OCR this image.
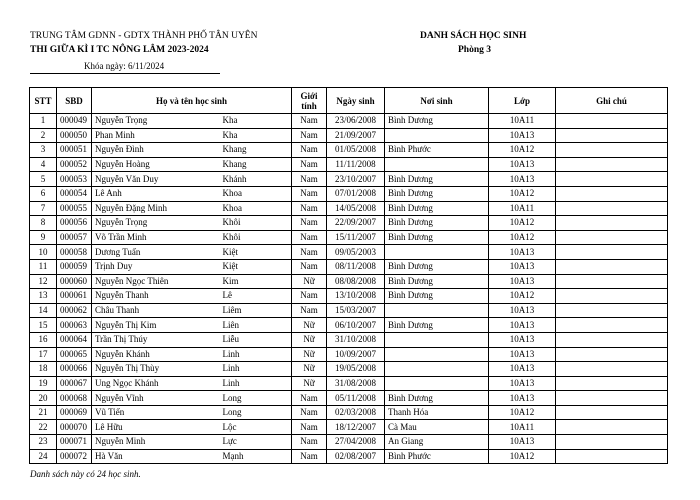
TRUNG TÂM GDNN - GDTX THÀNH PHỐ TÂN UYÊN
THI GIỮA KÌ I TC NÔNG LÂM 2023-2024
Khóa ngày: 6/11/2024
DANH SÁCH HỌC SINH
Phòng 3
STT	SBD	Họ và tên học sinh		Giới tính	Ngày sinh	Nơi sinh	Lớp	Ghi chú
1	000049	Nguyễn Trọng	Kha	Nam	23/06/2008	Bình Dương	10A11	
2	000050	Phan Minh	Kha	Nam	21/09/2007		10A13	
3	000051	Nguyễn Đình	Khang	Nam	01/05/2008	Bình Phước	10A12	
4	000052	Nguyễn Hoàng	Khang	Nam	11/11/2008		10A13	
5	000053	Nguyễn Văn Duy	Khánh	Nam	23/10/2007	Bình Dương	10A13	
6	000054	Lê Anh	Khoa	Nam	07/01/2008	Bình Dương	10A12	
7	000055	Nguyễn Đặng Minh	Khoa	Nam	14/05/2008	Bình Dương	10A11	
8	000056	Nguyễn Trọng	Khôi	Nam	22/09/2007	Bình Dương	10A12	
9	000057	Võ Trần Minh	Khôi	Nam	15/11/2007	Bình Dương	10A12	
10	000058	Dương Tuấn	Kiệt	Nam	09/05/2003		10A13	
11	000059	Trịnh Duy	Kiệt	Nam	08/11/2008	Bình Dương	10A13	
12	000060	Nguyễn Ngọc Thiên	Kim	Nữ	08/08/2008	Bình Dương	10A13	
13	000061	Nguyễn Thanh	Lê	Nam	13/10/2008	Bình Dương	10A12	
14	000062	Châu Thanh	Liêm	Nam	15/03/2007		10A13	
15	000063	Nguyễn Thị Kim	Liên	Nữ	06/10/2007	Bình Dương	10A13	
16	000064	Trần Thị Thúy	Liễu	Nữ	31/10/2008		10A13	
17	000065	Nguyễn Khánh	Linh	Nữ	10/09/2007		10A13	
18	000066	Nguyễn Thị Thùy	Linh	Nữ	19/05/2008		10A13	
19	000067	Ung Ngọc Khánh	Linh	Nữ	31/08/2008		10A13	
20	000068	Nguyễn Vĩnh	Long	Nam	05/11/2008	Bình Dương	10A13	
21	000069	Vũ Tiến	Long	Nam	02/03/2008	Thanh Hóa	10A12	
22	000070	Lê Hữu	Lộc	Nam	18/12/2007	Cà Mau	10A11	
23	000071	Nguyễn Minh	Lực	Nam	27/04/2008	An Giang	10A13	
24	000072	Hà Văn	Mạnh	Nam	02/08/2007	Bình Phước	10A12	
Danh sách này có 24 học sinh.
